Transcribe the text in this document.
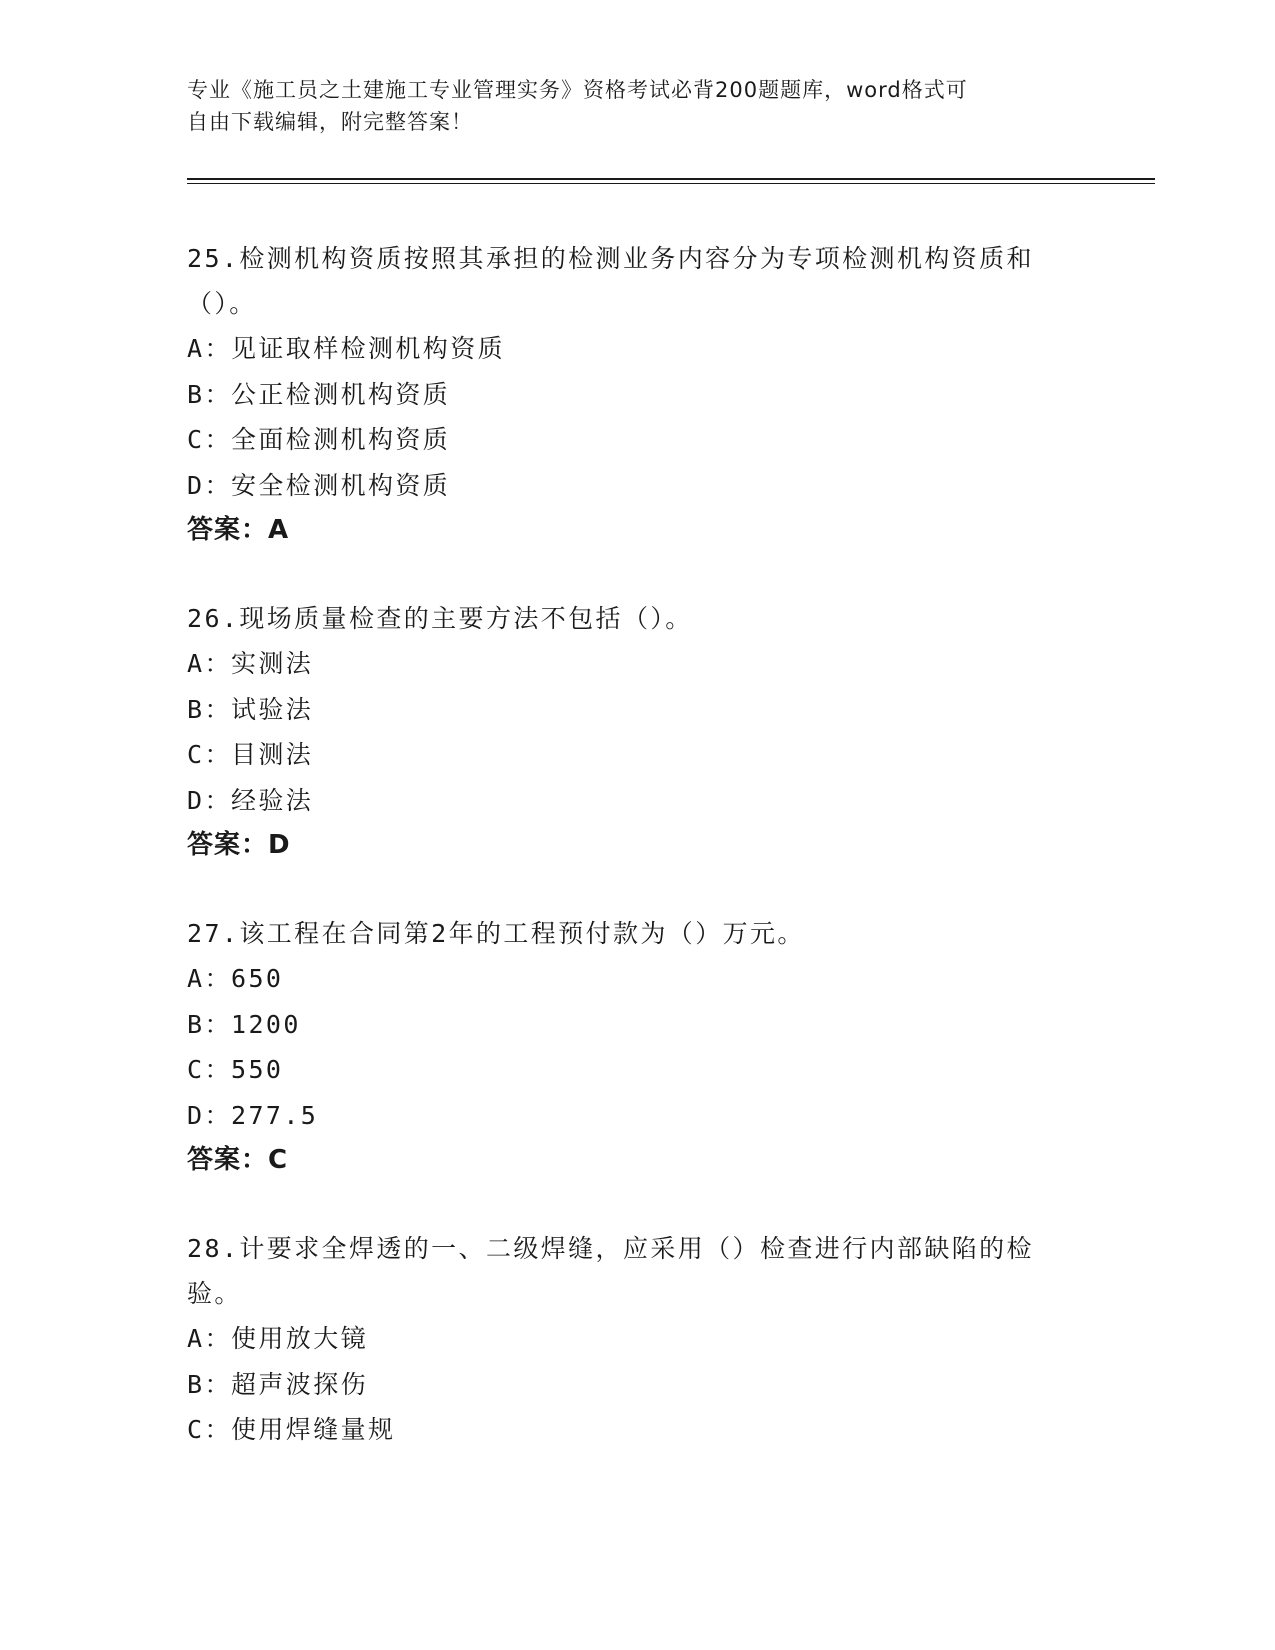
专业《施工员之土建施工专业管理实务》资格考试必背200题题库，word格式可
自由下载编辑，附完整答案！
25.检测机构资质按照其承担的检测业务内容分为专项检测机构资质和
（）。
A：见证取样检测机构资质
B：公正检测机构资质
C：全面检测机构资质
D：安全检测机构资质
答案：A
26.现场质量检查的主要方法不包括（）。
A：实测法
B：试验法
C：目测法
D：经验法
答案：D
27.该工程在合同第2年的工程预付款为（）万元。
A：650
B：1200
C：550
D：277.5
答案：C
28.计要求全焊透的一、二级焊缝，应采用（）检查进行内部缺陷的检
验。
A：使用放大镜
B：超声波探伤
C：使用焊缝量规
